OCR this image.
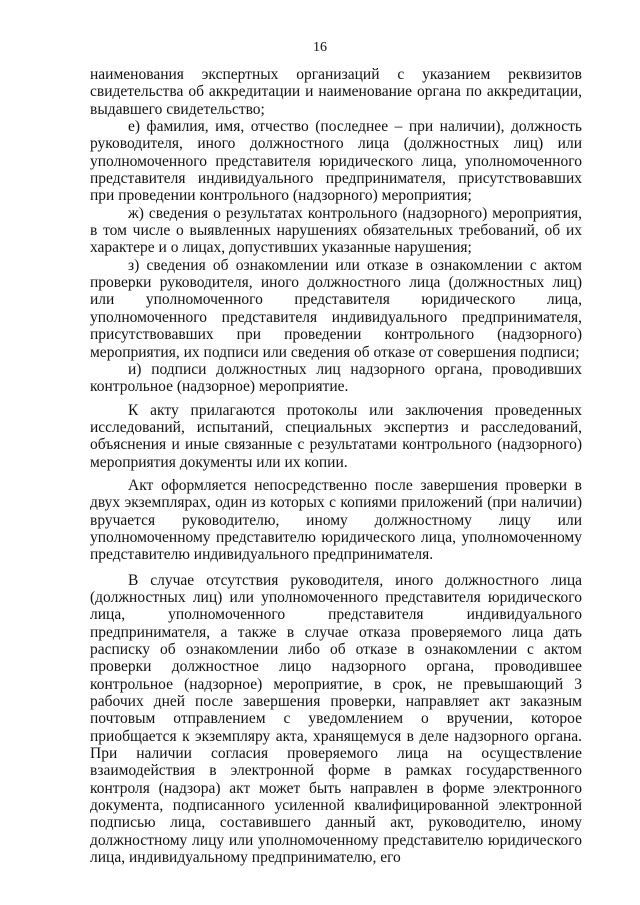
16

наименования экспертных организаций с указанием реквизитов свидетельства об аккредитации и наименование органа по аккредитации, выдавшего свидетельство;

е) фамилия, имя, отчество (последнее – при наличии), должность руководителя, иного должностного лица (должностных лиц) или уполномоченного представителя юридического лица, уполномоченного представителя индивидуального предпринимателя, присутствовавших при проведении контрольного (надзорного) мероприятия;

ж) сведения о результатах контрольного (надзорного) мероприятия, в том числе о выявленных нарушениях обязательных требований, об их характере и о лицах, допустивших указанные нарушения;

з) сведения об ознакомлении или отказе в ознакомлении с актом проверки руководителя, иного должностного лица (должностных лиц) или уполномоченного представителя юридического лица, уполномоченного представителя индивидуального предпринимателя, присутствовавших при проведении контрольного (надзорного) мероприятия, их подписи или сведения об отказе от совершения подписи;

и) подписи должностных лиц надзорного органа, проводивших контрольное (надзорное) мероприятие.

К акту прилагаются протоколы или заключения проведенных исследований, испытаний, специальных экспертиз и расследований, объяснения и иные связанные с результатами контрольного (надзорного) мероприятия документы или их копии.

Акт оформляется непосредственно после завершения проверки в двух экземплярах, один из которых с копиями приложений (при наличии) вручается руководителю, иному должностному лицу или уполномоченному представителю юридического лица, уполномоченному представителю индивидуального предпринимателя.

В случае отсутствия руководителя, иного должностного лица (должностных лиц) или уполномоченного представителя юридического лица, уполномоченного представителя индивидуального предпринимателя, а также в случае отказа проверяемого лица дать расписку об ознакомлении либо об отказе в ознакомлении с актом проверки должностное лицо надзорного органа, проводившее контрольное (надзорное) мероприятие, в срок, не превышающий 3 рабочих дней после завершения проверки, направляет акт заказным почтовым отправлением с уведомлением о вручении, которое приобщается к экземпляру акта, хранящемуся в деле надзорного органа. При наличии согласия проверяемого лица на осуществление взаимодействия в электронной форме в рамках государственного контроля (надзора) акт может быть направлен в форме электронного документа, подписанного усиленной квалифицированной электронной подписью лица, составившего данный акт, руководителю, иному должностному лицу или уполномоченному представителю юридического лица, индивидуальному предпринимателю, его
